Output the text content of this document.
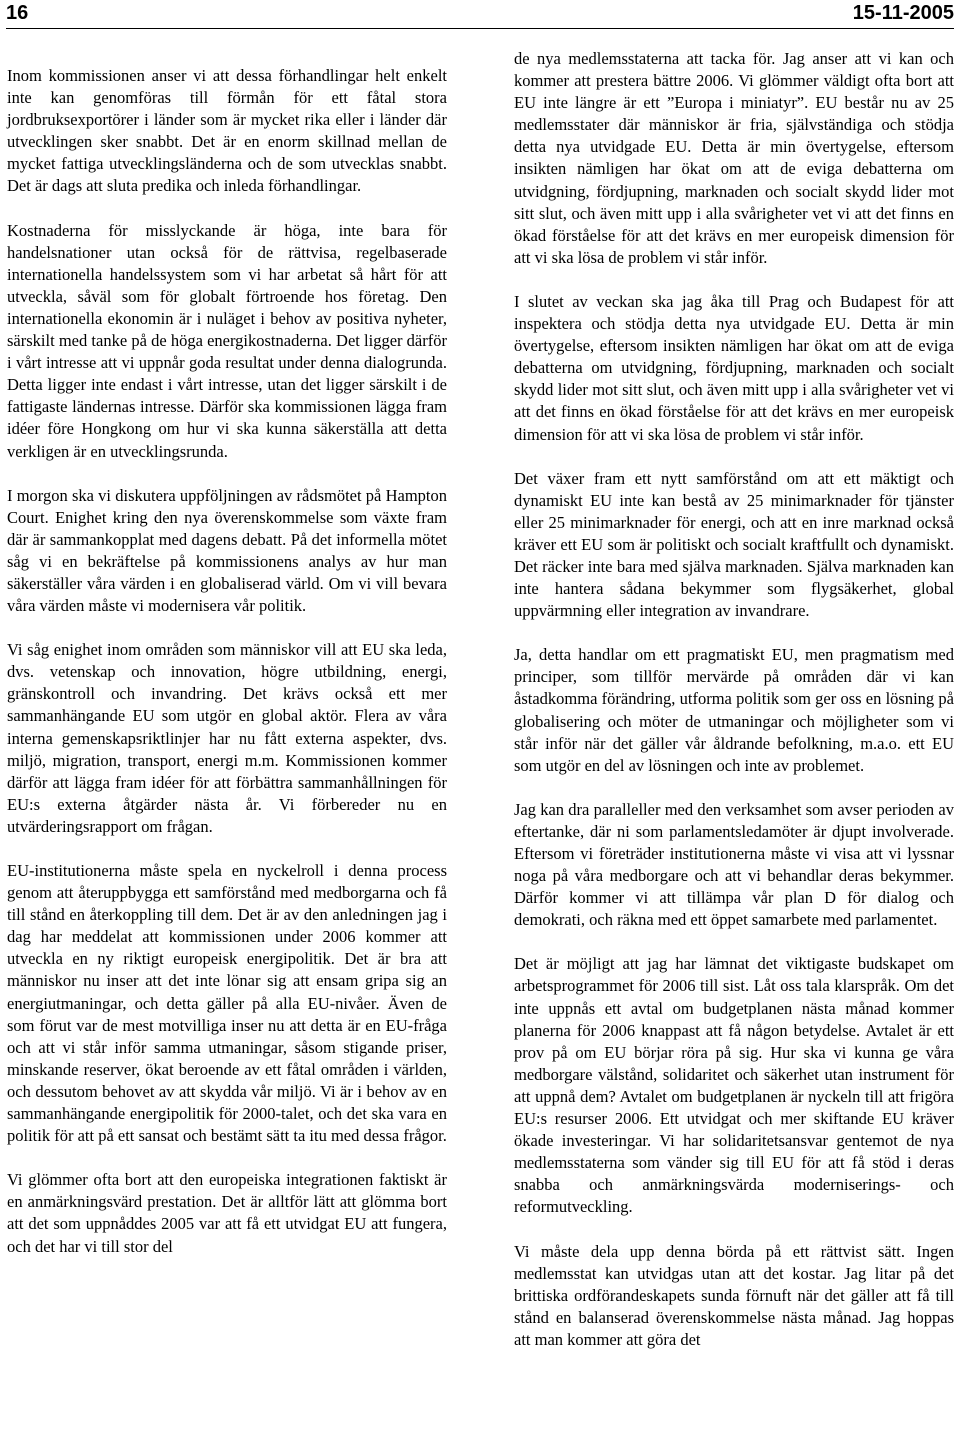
16	15-11-2005

Inom kommissionen anser vi att dessa förhandlingar helt enkelt inte kan genomföras till förmån för ett fåtal stora jordbruksexportörer i länder som är mycket rika eller i länder där utvecklingen sker snabbt. Det är en enorm skillnad mellan de mycket fattiga utvecklingsländerna och de som utvecklas snabbt. Det är dags att sluta predika och inleda förhandlingar.

Kostnaderna för misslyckande är höga, inte bara för handelsnationer utan också för de rättvisa, regelbaserade internationella handelssystem som vi har arbetat så hårt för att utveckla, såväl som för globalt förtroende hos företag. Den internationella ekonomin är i nuläget i behov av positiva nyheter, särskilt med tanke på de höga energikostnaderna. Det ligger därför i vårt intresse att vi uppnår goda resultat under denna dialogrunda. Detta ligger inte endast i vårt intresse, utan det ligger särskilt i de fattigaste ländernas intresse. Därför ska kommissionen lägga fram idéer före Hongkong om hur vi ska kunna säkerställa att detta verkligen är en utvecklingsrunda.

I morgon ska vi diskutera uppföljningen av rådsmötet på Hampton Court. Enighet kring den nya överenskommelse som växte fram där är sammankopplat med dagens debatt. På det informella mötet såg vi en bekräftelse på kommissionens analys av hur man säkerställer våra värden i en globaliserad värld. Om vi vill bevara våra värden måste vi modernisera vår politik.

Vi såg enighet inom områden som människor vill att EU ska leda, dvs. vetenskap och innovation, högre utbildning, energi, gränskontroll och invandring. Det krävs också ett mer sammanhängande EU som utgör en global aktör. Flera av våra interna gemenskapsriktlinjer har nu fått externa aspekter, dvs. miljö, migration, transport, energi m.m. Kommissionen kommer därför att lägga fram idéer för att förbättra sammanhållningen för EU:s externa åtgärder nästa år. Vi förbereder nu en utvärderingsrapport om frågan.

EU-institutionerna måste spela en nyckelroll i denna process genom att återuppbygga ett samförstånd med medborgarna och få till stånd en återkoppling till dem. Det är av den anledningen jag i dag har meddelat att kommissionen under 2006 kommer att utveckla en ny riktigt europeisk energipolitik. Det är bra att människor nu inser att det inte lönar sig att ensam gripa sig an energiutmaningar, och detta gäller på alla EU-nivåer. Även de som förut var de mest motvilliga inser nu att detta är en EU-fråga och att vi står inför samma utmaningar, såsom stigande priser, minskande reserver, ökat beroende av ett fåtal områden i världen, och dessutom behovet av att skydda vår miljö. Vi är i behov av en sammanhängande energipolitik för 2000-talet, och det ska vara en politik för att på ett sansat och bestämt sätt ta itu med dessa frågor.

Vi glömmer ofta bort att den europeiska integrationen faktiskt är en anmärkningsvärd prestation. Det är alltför lätt att glömma bort att det som uppnåddes 2005 var att få ett utvidgat EU att fungera, och det har vi till stor del

de nya medlemsstaterna att tacka för. Jag anser att vi kan och kommer att prestera bättre 2006. Vi glömmer väldigt ofta bort att EU inte längre är ett ”Europa i miniatyr”. EU består nu av 25 medlemsstater där människor är fria, självständiga och stödja detta nya utvidgade EU. Detta är min övertygelse, eftersom insikten nämligen har ökat om att de eviga debatterna om utvidgning, fördjupning, marknaden och socialt skydd lider mot sitt slut, och även mitt upp i alla svårigheter vet vi att det finns en ökad förståelse för att det krävs en mer europeisk dimension för att vi ska lösa de problem vi står inför.

I slutet av veckan ska jag åka till Prag och Budapest för att inspektera och stödja detta nya utvidgade EU. Detta är min övertygelse, eftersom insikten nämligen har ökat om att de eviga debatterna om utvidgning, fördjupning, marknaden och socialt skydd lider mot sitt slut, och även mitt upp i alla svårigheter vet vi att det finns en ökad förståelse för att det krävs en mer europeisk dimension för att vi ska lösa de problem vi står inför.

Det växer fram ett nytt samförstånd om att ett mäktigt och dynamiskt EU inte kan bestå av 25 minimarknader för tjänster eller 25 minimarknader för energi, och att en inre marknad också kräver ett EU som är politiskt och socialt kraftfullt och dynamiskt. Det räcker inte bara med själva marknaden. Själva marknaden kan inte hantera sådana bekymmer som flygsäkerhet, global uppvärmning eller integration av invandrare.

Ja, detta handlar om ett pragmatiskt EU, men pragmatism med principer, som tillför mervärde på områden där vi kan åstadkomma förändring, utforma politik som ger oss en lösning på globalisering och möter de utmaningar och möjligheter som vi står inför när det gäller vår åldrande befolkning, m.a.o. ett EU som utgör en del av lösningen och inte av problemet.

Jag kan dra paralleller med den verksamhet som avser perioden av eftertanke, där ni som parlamentsledamöter är djupt involverade. Eftersom vi företräder institutionerna måste vi visa att vi lyssnar noga på våra medborgare och att vi behandlar deras bekymmer. Därför kommer vi att tillämpa vår plan D för dialog och demokrati, och räkna med ett öppet samarbete med parlamentet.

Det är möjligt att jag har lämnat det viktigaste budskapet om arbetsprogrammet för 2006 till sist. Låt oss tala klarspråk. Om det inte uppnås ett avtal om budgetplanen nästa månad kommer planerna för 2006 knappast att få någon betydelse. Avtalet är ett prov på om EU börjar röra på sig. Hur ska vi kunna ge våra medborgare välstånd, solidaritet och säkerhet utan instrument för att uppnå dem? Avtalet om budgetplanen är nyckeln till att frigöra EU:s resurser 2006. Ett utvidgat och mer skiftande EU kräver ökade investeringar. Vi har solidaritetsansvar gentemot de nya medlemsstaterna som vänder sig till EU för att få stöd i deras snabba och anmärkningsvärda moderniserings- och reformutveckling.

Vi måste dela upp denna börda på ett rättvist sätt. Ingen medlemsstat kan utvidgas utan att det kostar. Jag litar på det brittiska ordförandeskapets sunda förnuft när det gäller att få till stånd en balanserad överenskommelse nästa månad. Jag hoppas att man kommer att göra det
